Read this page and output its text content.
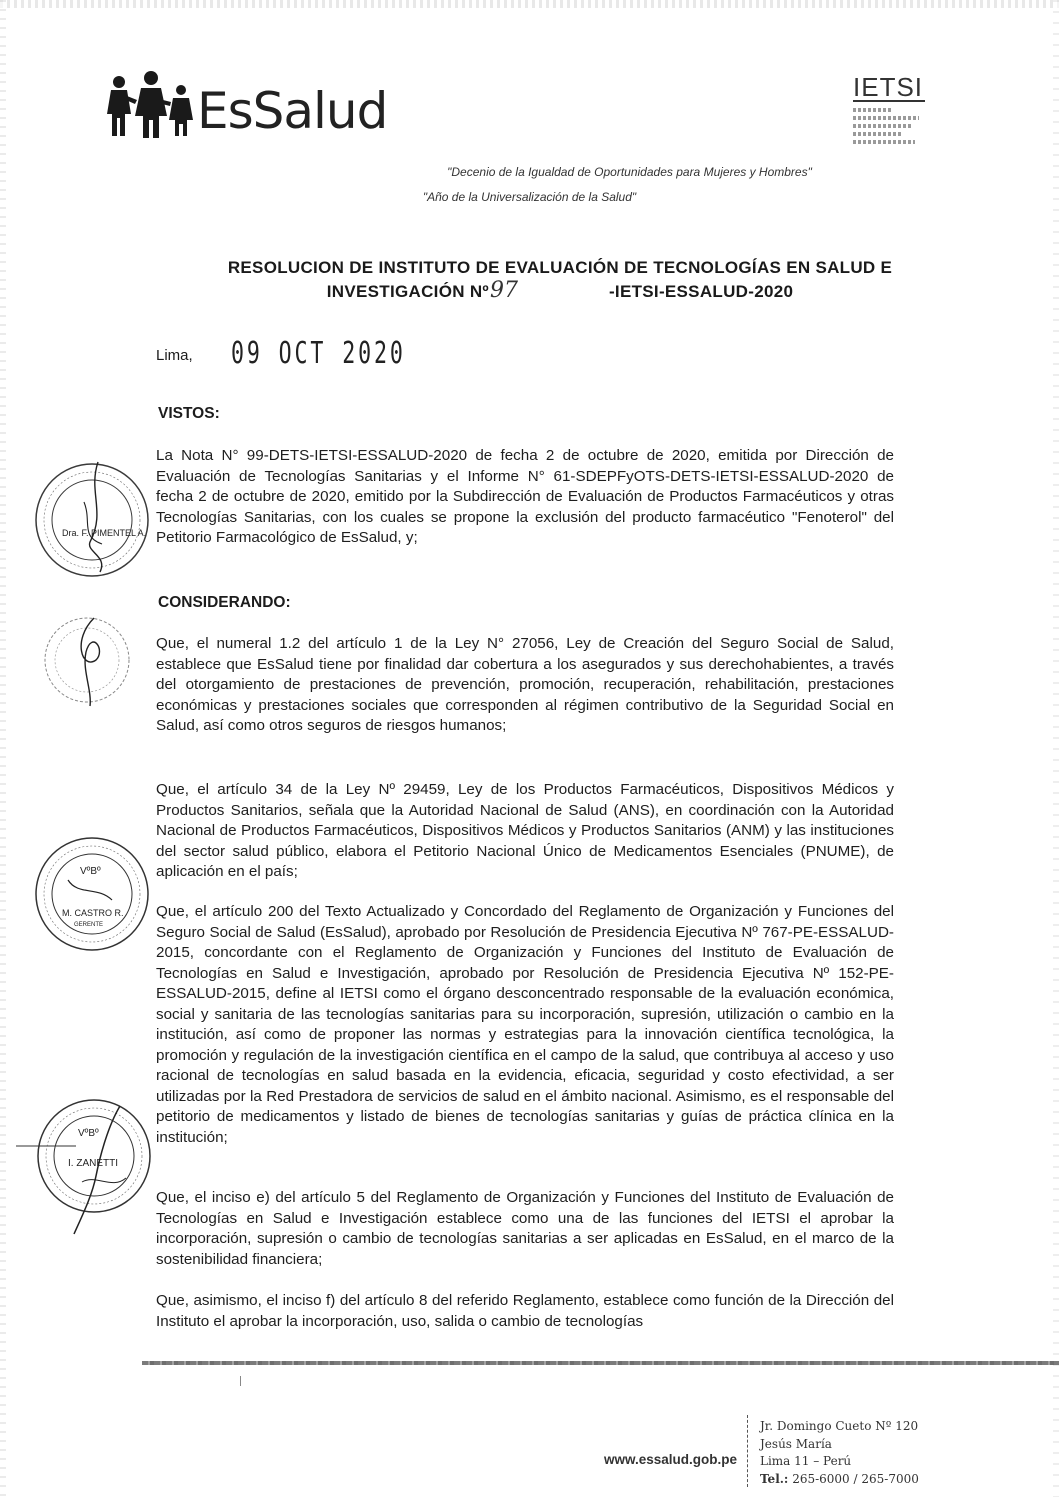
EsSalud	IETSI
"Decenio de la Igualdad de Oportunidades para Mujeres y Hombres"
"Año de la Universalización de la Salud"
RESOLUCION DE INSTITUTO DE EVALUACIÓN DE TECNOLOGÍAS EN SALUD E
INVESTIGACIÓN Nº	-IETSI-ESSALUD-2020
97
Lima, 09 OCT 2020
VISTOS:
CONSIDERANDO:
La Nota N° 99-DETS-IETSI-ESSALUD-2020 de fecha 2 de octubre de 2020, emitida por Dirección de Evaluación de Tecnologías Sanitarias y el Informe N° 61-SDEPFyOTS-DETS-IETSI-ESSALUD-2020 de fecha 2 de octubre de 2020, emitido por la Subdirección de Evaluación de Productos Farmacéuticos y otras Tecnologías Sanitarias, con los cuales se propone la exclusión del producto farmacéutico "Fenoterol" del Petitorio Farmacológico de EsSalud, y;
Que, el numeral 1.2 del artículo 1 de la Ley N° 27056, Ley de Creación del Seguro Social de Salud, establece que EsSalud tiene por finalidad dar cobertura a los asegurados y sus derechohabientes, a través del otorgamiento de prestaciones de prevención, promoción, recuperación, rehabilitación, prestaciones económicas y prestaciones sociales que corresponden al régimen contributivo de la Seguridad Social en Salud, así como otros seguros de riesgos humanos;
Que, el artículo 34 de la Ley Nº 29459, Ley de los Productos Farmacéuticos, Dispositivos Médicos y Productos Sanitarios, señala que la Autoridad Nacional de Salud (ANS), en coordinación con la Autoridad Nacional de Productos Farmacéuticos, Dispositivos Médicos y Productos Sanitarios (ANM) y las instituciones del sector salud público, elabora el Petitorio Nacional Único de Medicamentos Esenciales (PNUME), de aplicación en el país;
Que, el artículo 200 del Texto Actualizado y Concordado del Reglamento de Organización y Funciones del Seguro Social de Salud (EsSalud), aprobado por Resolución de Presidencia Ejecutiva Nº 767-PE-ESSALUD-2015, concordante con el Reglamento de Organización y Funciones del Instituto de Evaluación de Tecnologías en Salud e Investigación, aprobado por Resolución de Presidencia Ejecutiva Nº 152-PE-ESSALUD-2015, define al IETSI como el órgano desconcentrado responsable de la evaluación económica, social y sanitaria de las tecnologías sanitarias para su incorporación, supresión, utilización o cambio en la institución, así como de proponer las normas y estrategias para la innovación científica tecnológica, la promoción y regulación de la investigación científica en el campo de la salud, que contribuya al acceso y uso racional de tecnologías en salud basada en la evidencia, eficacia, seguridad y costo efectividad, a ser utilizadas por la Red Prestadora de servicios de salud en el ámbito nacional. Asimismo, es el responsable del petitorio de medicamentos y listado de bienes de tecnologías sanitarias y guías de práctica clínica en la institución;
Que, el inciso e) del artículo 5 del Reglamento de Organización y Funciones del Instituto de Evaluación de Tecnologías en Salud e Investigación establece como una de las funciones del IETSI el aprobar la incorporación, supresión o cambio de tecnologías sanitarias a ser aplicadas en EsSalud, en el marco de la sostenibilidad financiera;
Que, asimismo, el inciso f) del artículo 8 del referido Reglamento, establece como función de la Dirección del Instituto el aprobar la incorporación, uso, salida o cambio de tecnologías
Dra. F. PIMENTEL A.
VºBº
M. CASTRO R.
GERENTE
VºBº
I. ZANETTI
www.essalud.gob.pe
Jr. Domingo Cueto Nº 120
Jesús María
Lima 11 – Perú
Tel.: 265-6000 / 265-7000
